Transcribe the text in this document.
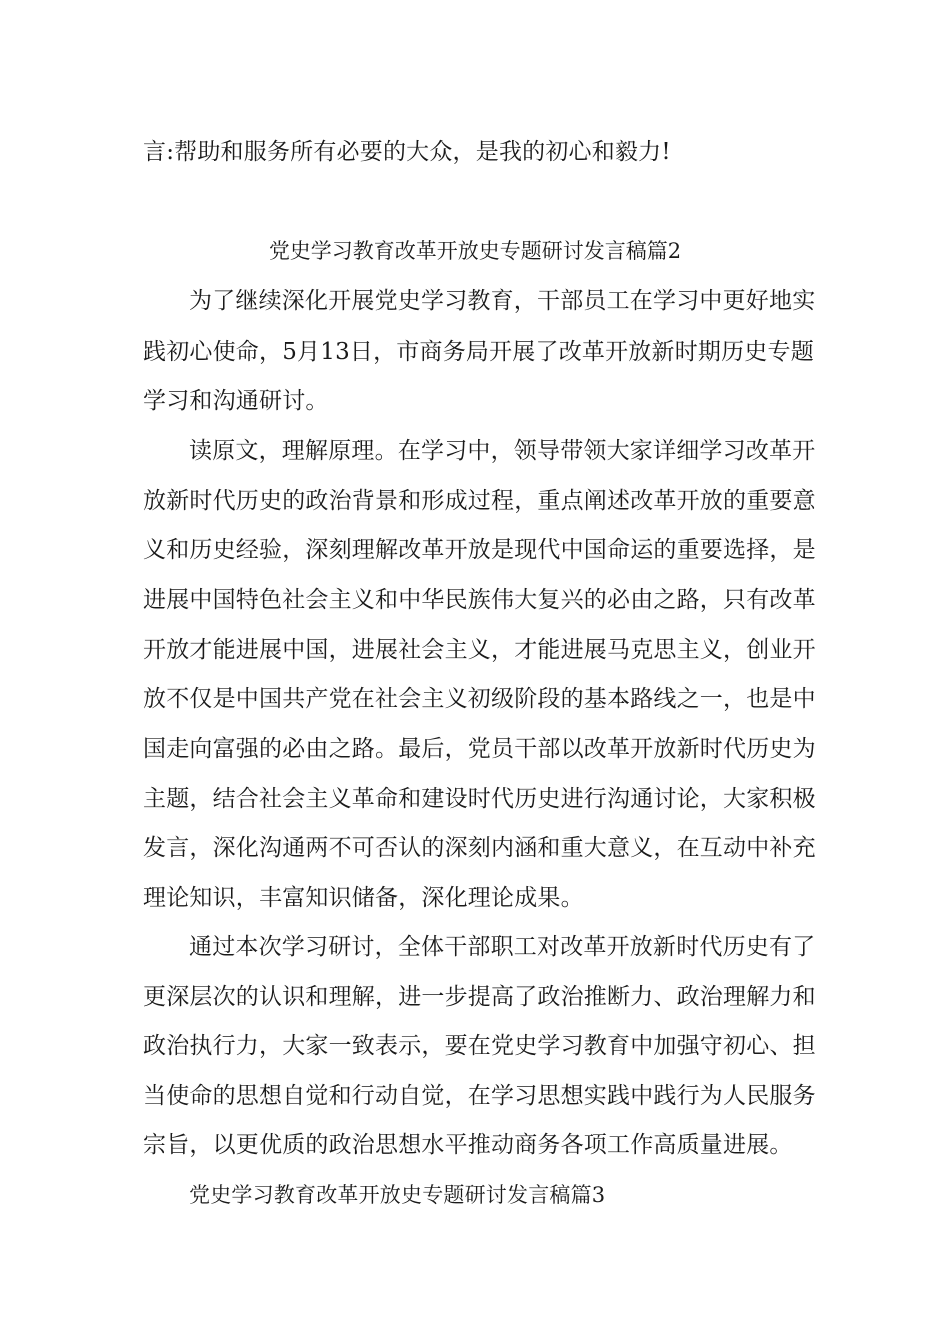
言:帮助和服务所有必要的大众，是我的初心和毅力!
党史学习教育改革开放史专题研讨发言稿篇2
为了继续深化开展党史学习教育，干部员工在学习中更好地实
践初心使命，5月13日，市商务局开展了改革开放新时期历史专题
学习和沟通研讨。
读原文，理解原理。在学习中，领导带领大家详细学习改革开
放新时代历史的政治背景和形成过程，重点阐述改革开放的重要意
义和历史经验，深刻理解改革开放是现代中国命运的重要选择，是
进展中国特色社会主义和中华民族伟大复兴的必由之路，只有改革
开放才能进展中国，进展社会主义，才能进展马克思主义，创业开
放不仅是中国共产党在社会主义初级阶段的基本路线之一，也是中
国走向富强的必由之路。最后，党员干部以改革开放新时代历史为
主题，结合社会主义革命和建设时代历史进行沟通讨论，大家积极
发言，深化沟通两不可否认的深刻内涵和重大意义，在互动中补充
理论知识，丰富知识储备，深化理论成果。
通过本次学习研讨，全体干部职工对改革开放新时代历史有了
更深层次的认识和理解，进一步提高了政治推断力、政治理解力和
政治执行力，大家一致表示，要在党史学习教育中加强守初心、担
当使命的思想自觉和行动自觉，在学习思想实践中践行为人民服务
宗旨，以更优质的政治思想水平推动商务各项工作高质量进展。
党史学习教育改革开放史专题研讨发言稿篇3
